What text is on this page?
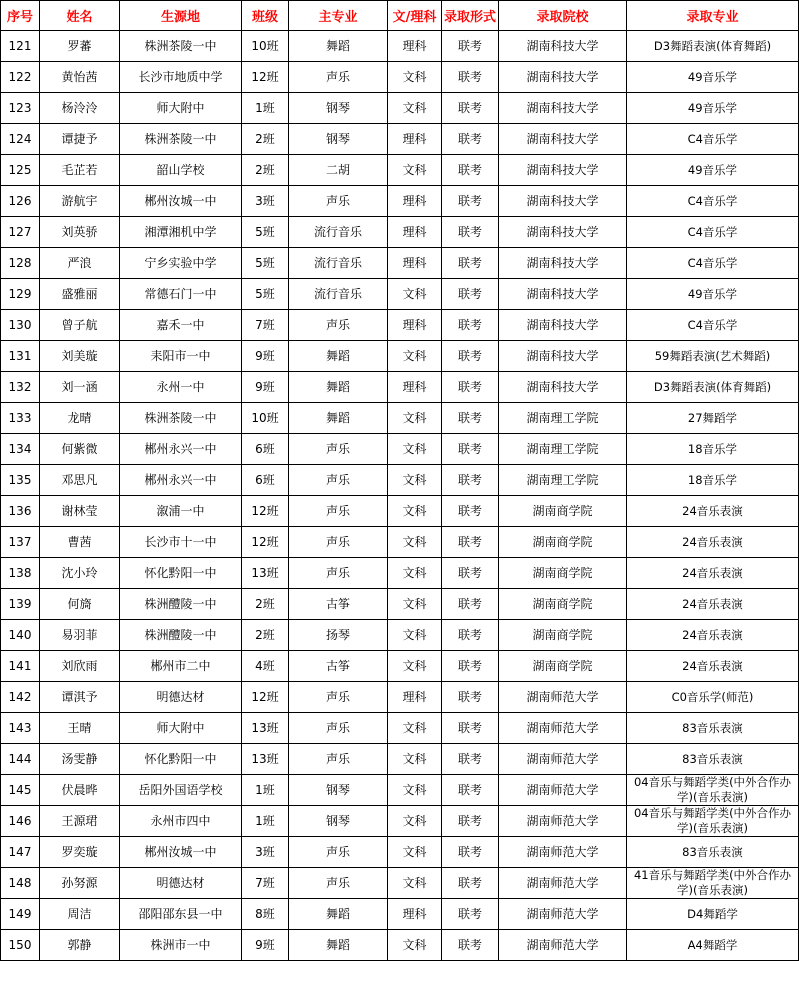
序号	姓名	生源地	班级	主专业	文/理科	录取形式	录取院校	录取专业
121	罗蕃	株洲茶陵一中	10班	舞蹈	理科	联考	湖南科技大学	D3舞蹈表演(体育舞蹈)
122	黄怡茜	长沙市地质中学	12班	声乐	文科	联考	湖南科技大学	49音乐学
123	杨泠泠	师大附中	1班	钢琴	文科	联考	湖南科技大学	49音乐学
124	谭捷予	株洲茶陵一中	2班	钢琴	理科	联考	湖南科技大学	C4音乐学
125	毛芷若	韶山学校	2班	二胡	文科	联考	湖南科技大学	49音乐学
126	游航宇	郴州汝城一中	3班	声乐	理科	联考	湖南科技大学	C4音乐学
127	刘英骄	湘潭湘机中学	5班	流行音乐	理科	联考	湖南科技大学	C4音乐学
128	严浪	宁乡实验中学	5班	流行音乐	理科	联考	湖南科技大学	C4音乐学
129	盛雅丽	常德石门一中	5班	流行音乐	文科	联考	湖南科技大学	49音乐学
130	曾子航	嘉禾一中	7班	声乐	理科	联考	湖南科技大学	C4音乐学
131	刘美璇	耒阳市一中	9班	舞蹈	文科	联考	湖南科技大学	59舞蹈表演(艺术舞蹈)
132	刘一涵	永州一中	9班	舞蹈	理科	联考	湖南科技大学	D3舞蹈表演(体育舞蹈)
133	龙晴	株洲茶陵一中	10班	舞蹈	文科	联考	湖南理工学院	27舞蹈学
134	何紫微	郴州永兴一中	6班	声乐	文科	联考	湖南理工学院	18音乐学
135	邓思凡	郴州永兴一中	6班	声乐	文科	联考	湖南理工学院	18音乐学
136	谢林莹	溆浦一中	12班	声乐	文科	联考	湖南商学院	24音乐表演
137	曹茜	长沙市十一中	12班	声乐	文科	联考	湖南商学院	24音乐表演
138	沈小玲	怀化黔阳一中	13班	声乐	文科	联考	湖南商学院	24音乐表演
139	何旖	株洲醴陵一中	2班	古筝	文科	联考	湖南商学院	24音乐表演
140	易羽菲	株洲醴陵一中	2班	扬琴	文科	联考	湖南商学院	24音乐表演
141	刘欣雨	郴州市二中	4班	古筝	文科	联考	湖南商学院	24音乐表演
142	谭淇予	明德达材	12班	声乐	理科	联考	湖南师范大学	C0音乐学(师范)
143	王晴	师大附中	13班	声乐	文科	联考	湖南师范大学	83音乐表演
144	汤雯静	怀化黔阳一中	13班	声乐	文科	联考	湖南师范大学	83音乐表演
145	伏晨晔	岳阳外国语学校	1班	钢琴	文科	联考	湖南师范大学	04音乐与舞蹈学类(中外合作办学)(音乐表演)
146	王源珺	永州市四中	1班	钢琴	文科	联考	湖南师范大学	04音乐与舞蹈学类(中外合作办学)(音乐表演)
147	罗奕璇	郴州汝城一中	3班	声乐	文科	联考	湖南师范大学	83音乐表演
148	孙努源	明德达材	7班	声乐	文科	联考	湖南师范大学	41音乐与舞蹈学类(中外合作办学)(音乐表演)
149	周洁	邵阳邵东县一中	8班	舞蹈	理科	联考	湖南师范大学	D4舞蹈学
150	郭静	株洲市一中	9班	舞蹈	文科	联考	湖南师范大学	A4舞蹈学
